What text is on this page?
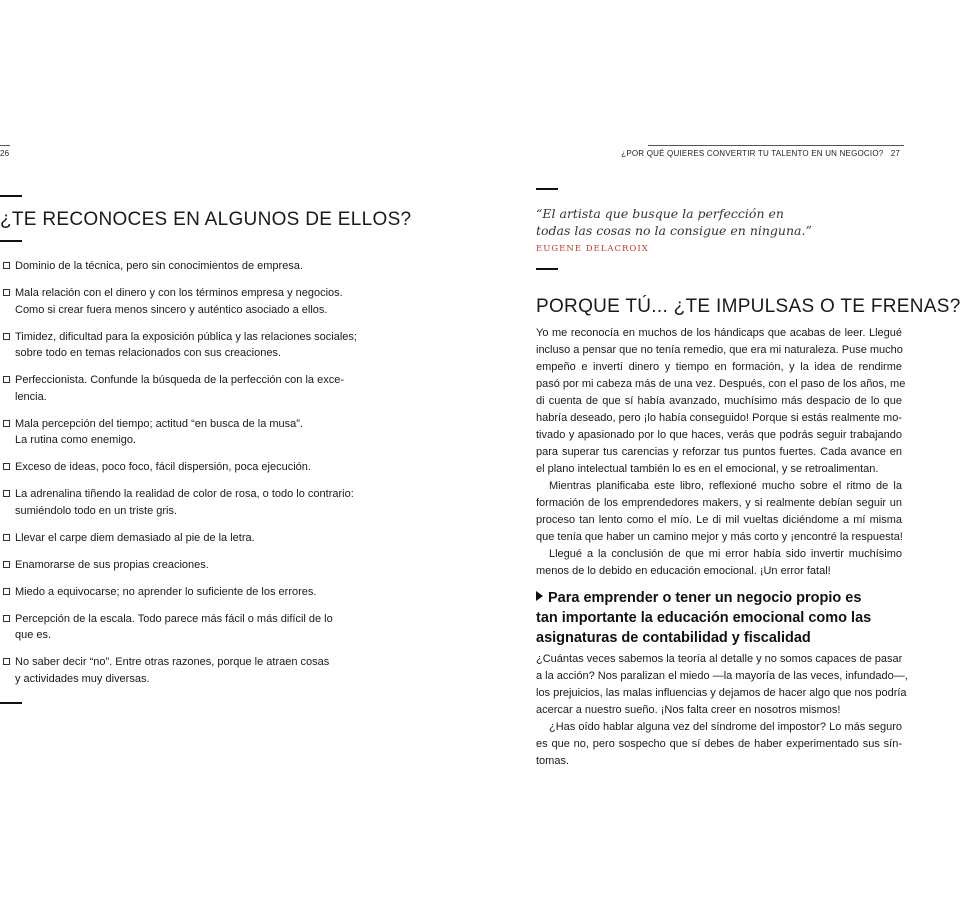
26
¿TE RECONOCES EN ALGUNOS DE ELLOS?
Dominio de la técnica, pero sin conocimientos de empresa.
Mala relación con el dinero y con los términos empresa y negocios.
Como si crear fuera menos sincero y auténtico asociado a ellos.
Timidez, dificultad para la exposición pública y las relaciones sociales;
sobre todo en temas relacionados con sus creaciones.
Perfeccionista. Confunde la búsqueda de la perfección con la exce-
lencia.
Mala percepción del tiempo; actitud “en busca de la musa”.
La rutina como enemigo.
Exceso de ideas, poco foco, fácil dispersión, poca ejecución.
La adrenalina tiñendo la realidad de color de rosa, o todo lo contrario:
sumiéndolo todo en un triste gris.
Llevar el carpe diem demasiado al pie de la letra.
Enamorarse de sus propias creaciones.
Miedo a equivocarse; no aprender lo suficiente de los errores.
Percepción de la escala. Todo parece más fácil o más difícil de lo
que es.
No saber decir “no”. Entre otras razones, porque le atraen cosas
y actividades muy diversas.
¿POR QUÉ QUIERES CONVERTIR TU TALENTO EN UN NEGOCIO? 27
“El artista que busque la perfección en
todas las cosas no la consigue en ninguna.”
EUGENE DELACROIX
PORQUE TÚ... ¿TE IMPULSAS O TE FRENAS?

Yo me reconocía en muchos de los hándicaps que acabas de leer. Llegué
incluso a pensar que no tenía remedio, que era mi naturaleza. Puse mucho
empeño e invertí dinero y tiempo en formación, y la idea de rendirme
pasó por mi cabeza más de una vez. Después, con el paso de los años, me
di cuenta de que sí había avanzado, muchísimo más despacio de lo que
habría deseado, pero ¡lo había conseguido! Porque si estás realmente mo-
tivado y apasionado por lo que haces, verás que podrás seguir trabajando
para superar tus carencias y reforzar tus puntos fuertes. Cada avance en
el plano intelectual también lo es en el emocional, y se retroalimentan.

Mientras planificaba este libro, reflexioné mucho sobre el ritmo de la
formación de los emprendedores makers, y si realmente debían seguir un
proceso tan lento como el mío. Le di mil vueltas diciéndome a mí misma
que tenía que haber un camino mejor y más corto y ¡encontré la respuesta!

Llegué a la conclusión de que mi error había sido invertir muchísimo
menos de lo debido en educación emocional. ¡Un error fatal!

Para emprender o tener un negocio propio es
tan importante la educación emocional como las
asignaturas de contabilidad y fiscalidad

¿Cuántas veces sabemos la teoría al detalle y no somos capaces de pasar
a la acción? Nos paralizan el miedo —la mayoría de las veces, infundado—,
los prejuicios, las malas influencias y dejamos de hacer algo que nos podría
acercar a nuestro sueño. ¡Nos falta creer en nosotros mismos!

¿Has oído hablar alguna vez del síndrome del impostor? Lo más seguro
es que no, pero sospecho que sí debes de haber experimentado sus sín-
tomas.
